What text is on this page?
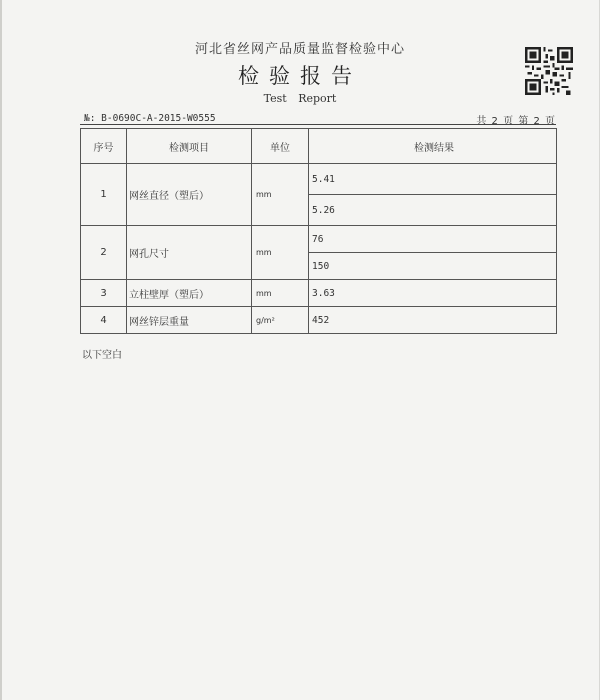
河北省丝网产品质量监督检验中心
检验报告
Test Report
№: B-0690C-A-2015-W0555	共 2 页 第 2 页
序号	检测项目	单位	检测结果
1	网丝直径（塑后）	mm	5.41
			5.26
2	网孔尺寸	mm	76
			150
3	立柱壁厚（塑后）	mm	3.63
4	网丝锌层重量	g/m²	452
以下空白
